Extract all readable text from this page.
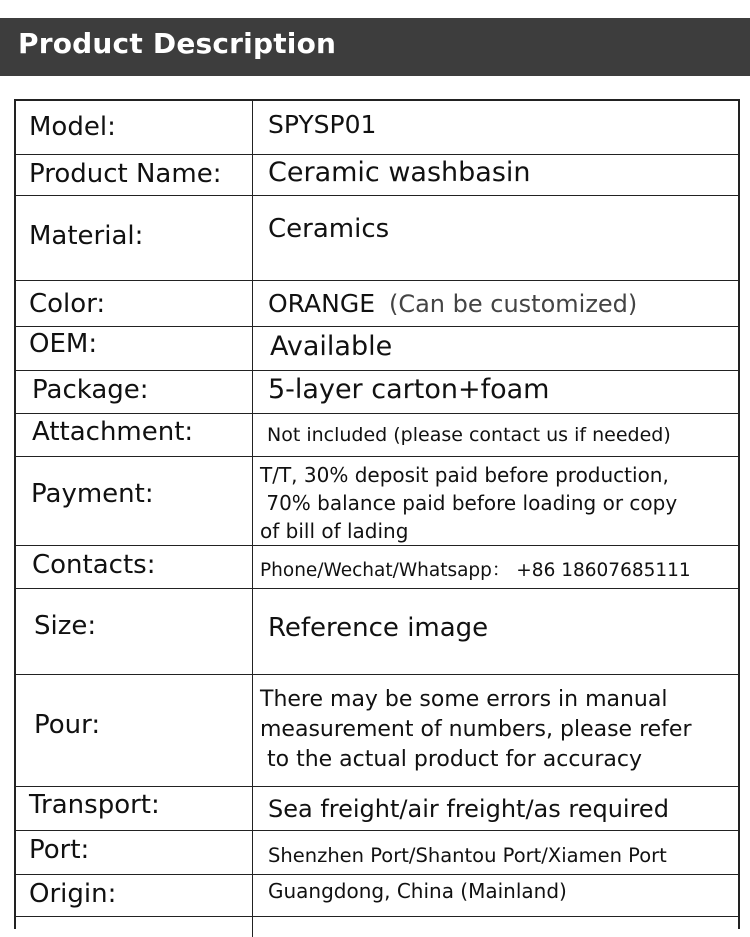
Product Description
Model:	SPYSP01
Product Name: Ceramic washbasin
Material:	Ceramics
Color:	ORANGE (Can be customized)
OEM:	Available
Package:	5-layer carton+foam
Attachment:	Not included (please contact us if needed)
Payment:
T/T, 30% deposit paid before production,
70% balance paid before loading or copy
of bill of lading
Contacts:	Phone/Wechat/Whatsapp： +86 18607685111
Size:	Reference image
Pour:
There may be some errors in manual
measurement of numbers, please refer
to the actual product for accuracy
Transport:	Sea freight/air freight/as required
Port:	Shenzhen Port/Shantou Port/Xiamen Port
Origin:	Guangdong, China (Mainland)
